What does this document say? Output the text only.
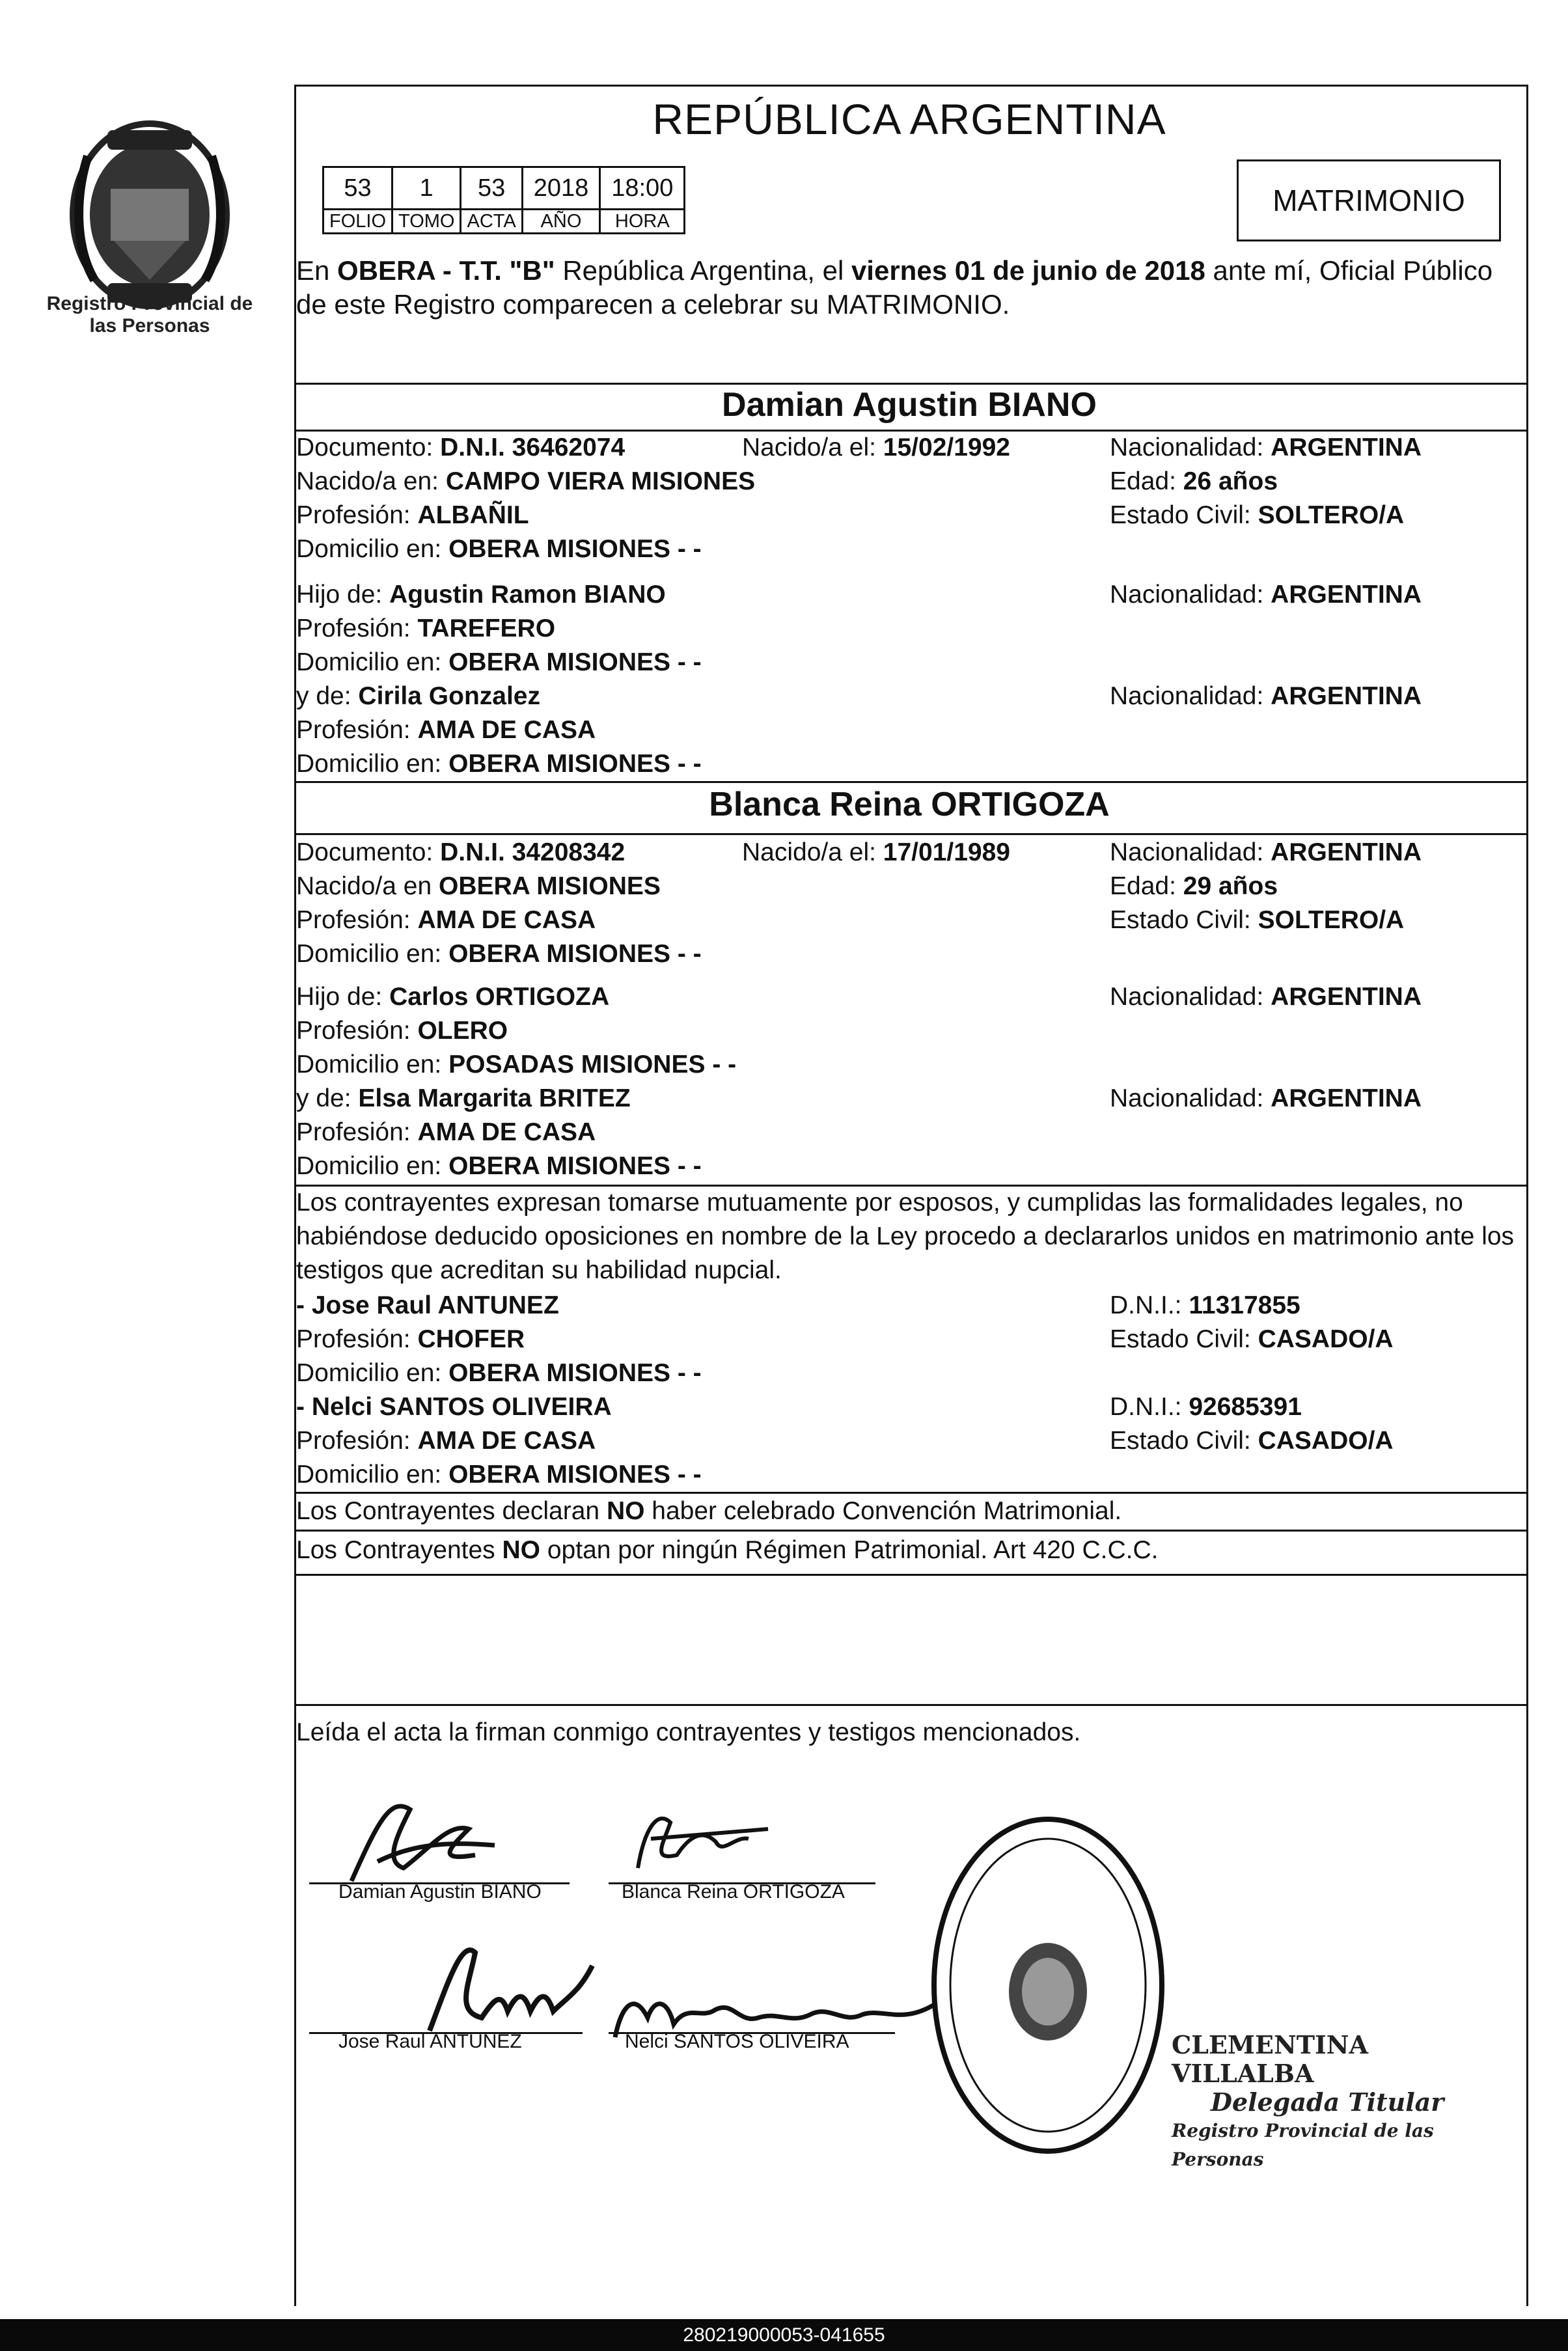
Registro Provincial de las Personas
REPÚBLICA ARGENTINA
53	1	53	2018	18:00
FOLIO	TOMO	ACTA	AÑO	HORA
MATRIMONIO
En OBERA - T.T. "B" República Argentina, el viernes 01 de junio de 2018 ante mí, Oficial Público de este Registro comparecen a celebrar su MATRIMONIO.
Damian Agustin BIANO
Documento: D.N.I. 36462074	Nacido/a el: 15/02/1992	Nacionalidad: ARGENTINA
Nacido/a en: CAMPO VIERA MISIONES	Edad: 26 años
Profesión: ALBAÑIL	Estado Civil: SOLTERO/A
Domicilio en: OBERA MISIONES - -
Hijo de: Agustin Ramon BIANO	Nacionalidad: ARGENTINA
Profesión: TAREFERO
Domicilio en: OBERA MISIONES - -
y de: Cirila Gonzalez	Nacionalidad: ARGENTINA
Profesión: AMA DE CASA
Domicilio en: OBERA MISIONES - -
Blanca Reina ORTIGOZA
Documento: D.N.I. 34208342	Nacido/a el: 17/01/1989	Nacionalidad: ARGENTINA
Nacido/a en OBERA MISIONES	Edad: 29 años
Profesión: AMA DE CASA	Estado Civil: SOLTERO/A
Domicilio en: OBERA MISIONES - -
Hijo de: Carlos ORTIGOZA	Nacionalidad: ARGENTINA
Profesión: OLERO
Domicilio en: POSADAS MISIONES - -
y de: Elsa Margarita BRITEZ	Nacionalidad: ARGENTINA
Profesión: AMA DE CASA
Domicilio en: OBERA MISIONES - -
Los contrayentes expresan tomarse mutuamente por esposos, y cumplidas las formalidades legales, no habiéndose deducido oposiciones en nombre de la Ley procedo a declararlos unidos en matrimonio ante los testigos que acreditan su habilidad nupcial.
- Jose Raul ANTUNEZ	D.N.I.: 11317855
Profesión: CHOFER	Estado Civil: CASADO/A
Domicilio en: OBERA MISIONES - -
- Nelci SANTOS OLIVEIRA	D.N.I.: 92685391
Profesión: AMA DE CASA	Estado Civil: CASADO/A
Domicilio en: OBERA MISIONES - -
Los Contrayentes declaran NO haber celebrado Convención Matrimonial.
Los Contrayentes NO optan por ningún Régimen Patrimonial. Art 420 C.C.C.
Leída el acta la firman conmigo contrayentes y testigos mencionados.
Damian Agustin BIANO	Blanca Reina ORTIGOZA
Jose Raul ANTUNEZ	Nelci SANTOS OLIVEIRA	CLEMENTINA VILLALBA
Delegada Titular
Registro Provincial de las Personas
280219000053-041655
